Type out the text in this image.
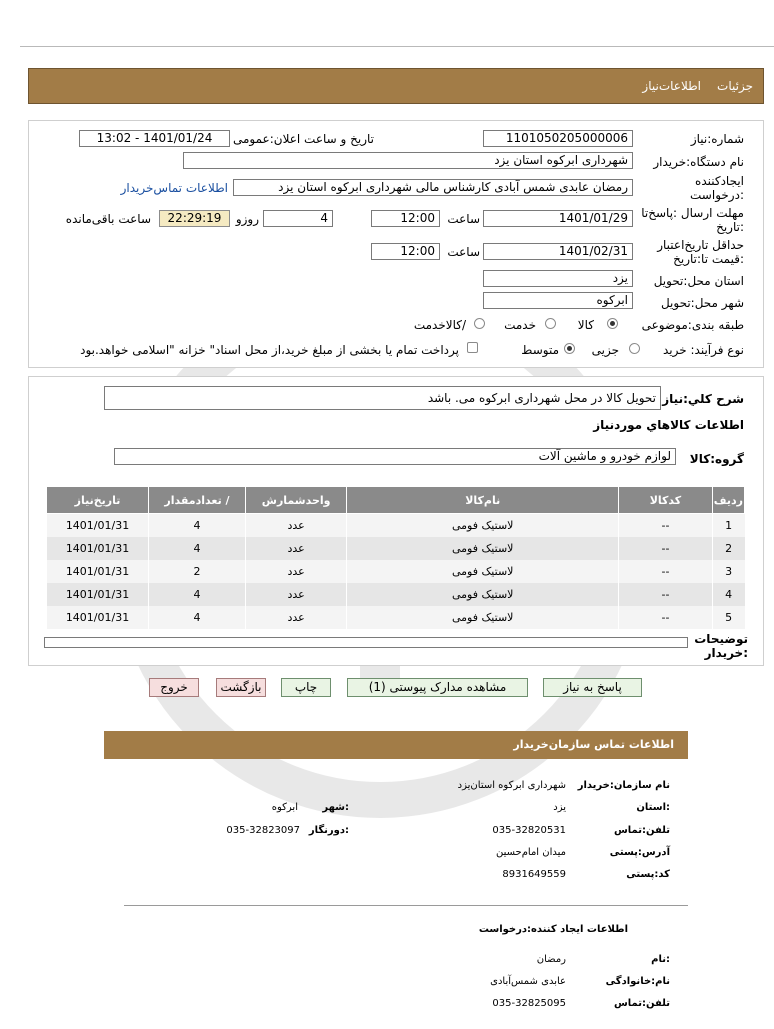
جزئیات
اطلاعات‌نیاز
شماره:نیاز
1101050205000006
تاریخ و ساعت اعلان:عمومی
1401/01/24 - 13:02
نام دستگاه:خریدار
شهرداری ابرکوه استان یزد
ایجادکننده
:درخواست
رمضان عابدی شمس آبادی کارشناس مالی شهرداری ابرکوه استان یزد
اطلاعات تماس‌خریدار
مهلت ارسال :پاسخ‌تا
:تاریخ
1401/01/29
ساعت
12:00
4
روزو
22:29:19
ساعت باقی‌مانده
حداقل تاریخ‌اعتبار
:قیمت تا:تاریخ
1401/02/31
ساعت
12:00
استان محل:تحویل
یزد
شهر محل:تحویل
ابرکوه
طبقه بندی:موضوعی
کالا
خدمت
/کالاخدمت
نوع فرآیند: خرید
جزیی
متوسط
پرداخت تمام یا بخشی از مبلغ خرید،از محل اسناد" خزانه "اسلامی خواهد.بود
شرح کلي:نیاز
تحویل کالا در محل شهرداری ابرکوه می. باشد
اطلاعات کالاهاي موردنیاز
گروه:کالا
لوازم خودرو و ماشین آلات
ردیف	کدکالا	نام‌کالا	واحدشمارش	/ تعدادمقدار	تاریخ‌نیاز
1	--	لاستیک فومی	عدد	4	1401/01/31
2	--	لاستیک فومی	عدد	4	1401/01/31
3	--	لاستیک فومی	عدد	2	1401/01/31
4	--	لاستیک فومی	عدد	4	1401/01/31
5	--	لاستیک فومی	عدد	4	1401/01/31
توضیحات
:خریدار
پاسخ به نیاز
مشاهده مدارک پیوستی (1)
چاپ
بازگشت
خروج
اطلاعات تماس سازمان‌خریدار
نام سازمان:خریدار
شهرداری ابرکوه استان‌یزد
:استان
یزد
:شهر
ابرکوه
تلفن:تماس
035-32820531
:دورنگار
035-32823097
آدرس:پستی
میدان امام‌حسین
کد:پستی
8931649559
اطلاعات ایجاد کننده:درخواست
:نام
رمضان
نام:خانوادگی
عابدی شمس‌آبادی
تلفن:تماس
035-32825095
